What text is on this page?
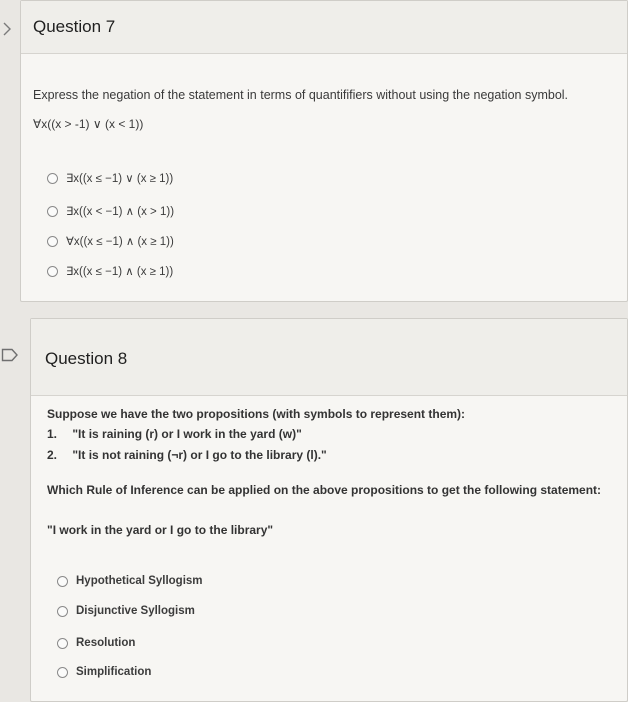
Question 7
Express the negation of the statement in terms of quantififiers without using the negation symbol.
∀x((x > -1) ∨ (x < 1))
∃x((x ≤ −1) ∨ (x ≥ 1))
∃x((x < −1) ∧ (x > 1))
∀x((x ≤ −1) ∧ (x ≥ 1))
∃x((x ≤ −1) ∧ (x ≥ 1))
Question 8
Suppose we have the two propositions (with symbols to represent them):
1. "It is raining (r) or I work in the yard (w)"
2. "It is not raining (¬r) or I go to the library (l)."
Which Rule of Inference can be applied on the above propositions to get the following statement:
"I work in the yard or I go to the library"
Hypothetical Syllogism
Disjunctive Syllogism
Resolution
Simplification
